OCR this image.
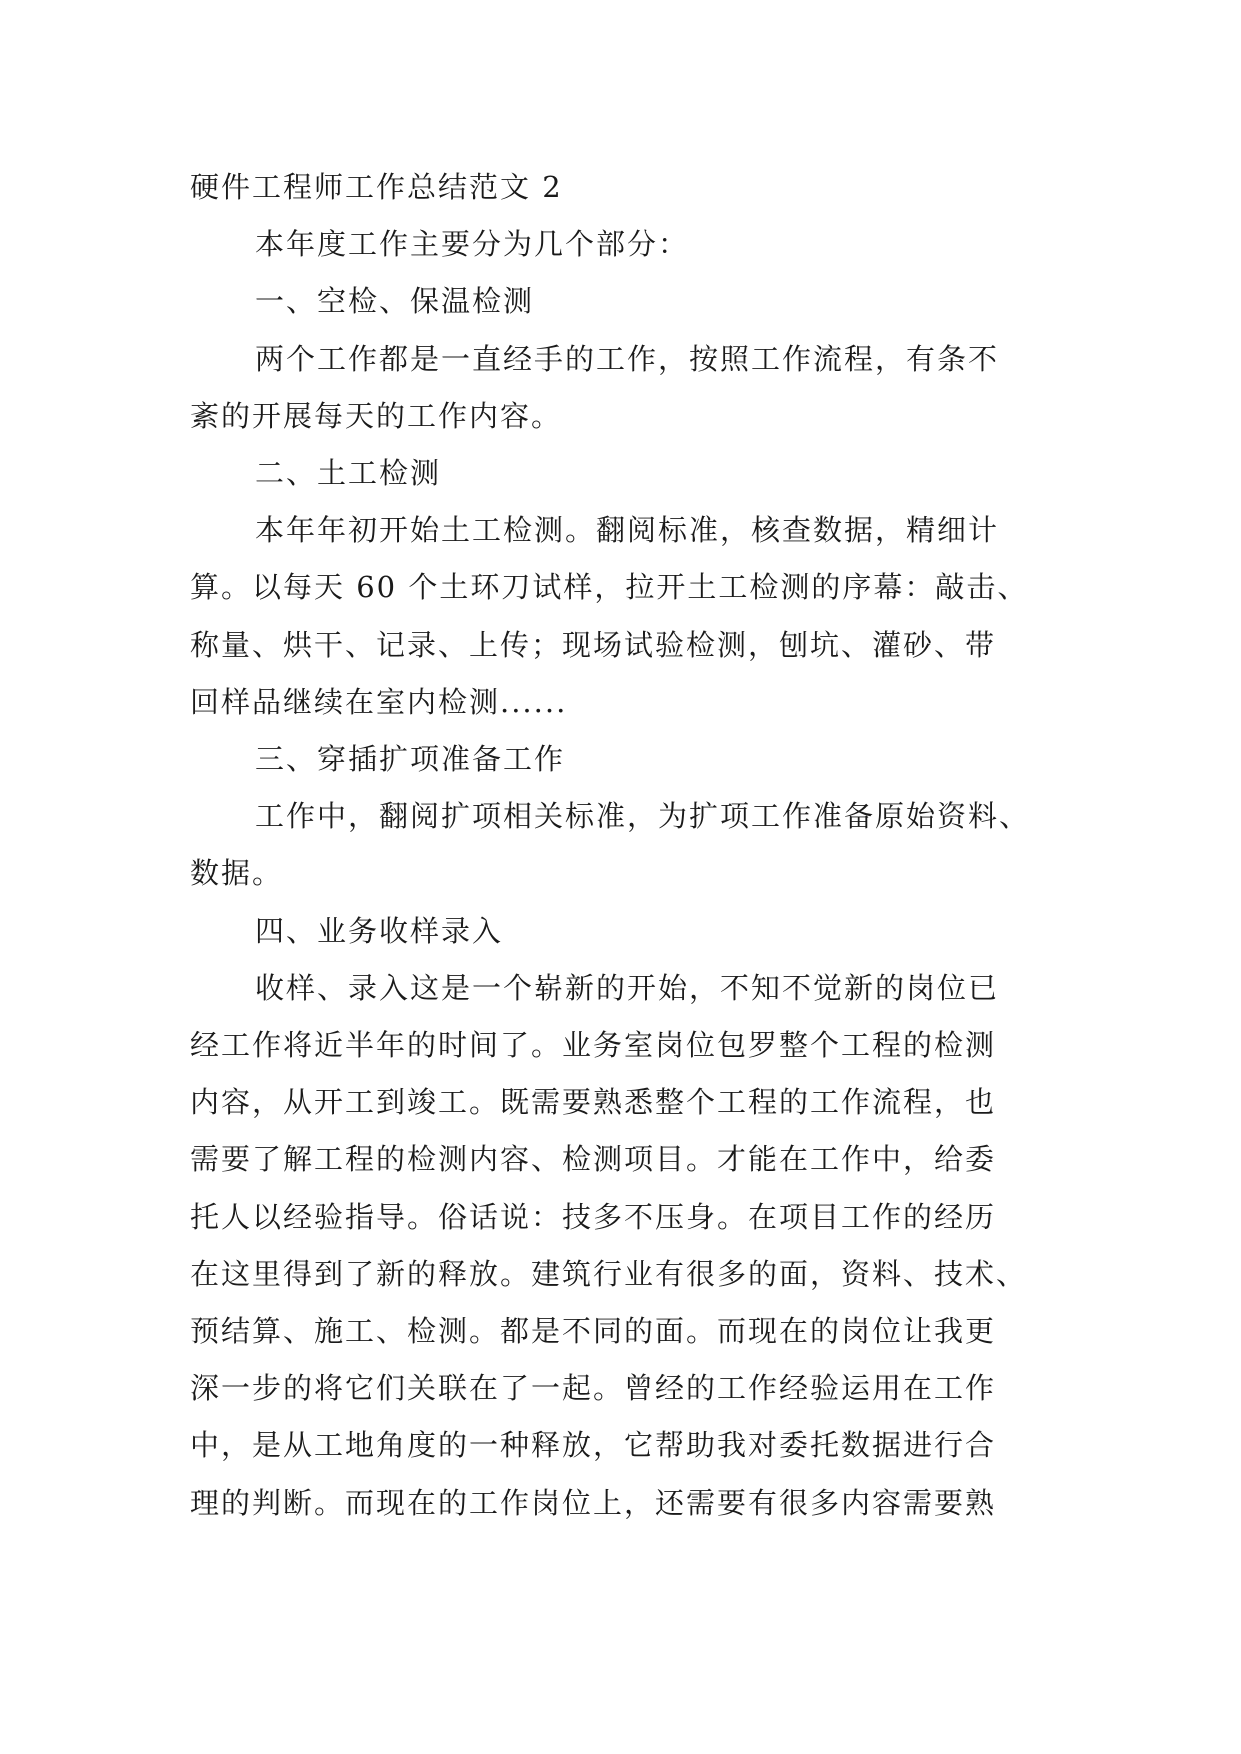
硬件工程师工作总结范文 2

本年度工作主要分为几个部分：

一、空检、保温检测

两个工作都是一直经手的工作，按照工作流程，有条不

紊的开展每天的工作内容。

二、土工检测

本年年初开始土工检测。翻阅标准，核查数据，精细计

算。以每天 60 个土环刀试样，拉开土工检测的序幕：敲击、

称量、烘干、记录、上传；现场试验检测，刨坑、灌砂、带

回样品继续在室内检测......

三、穿插扩项准备工作

工作中，翻阅扩项相关标准，为扩项工作准备原始资料、

数据。

四、业务收样录入

收样、录入这是一个崭新的开始，不知不觉新的岗位已

经工作将近半年的时间了。业务室岗位包罗整个工程的检测

内容，从开工到竣工。既需要熟悉整个工程的工作流程，也

需要了解工程的检测内容、检测项目。才能在工作中，给委

托人以经验指导。俗话说：技多不压身。在项目工作的经历

在这里得到了新的释放。建筑行业有很多的面，资料、技术、

预结算、施工、检测。都是不同的面。而现在的岗位让我更

深一步的将它们关联在了一起。曾经的工作经验运用在工作

中，是从工地角度的一种释放，它帮助我对委托数据进行合

理的判断。而现在的工作岗位上，还需要有很多内容需要熟
